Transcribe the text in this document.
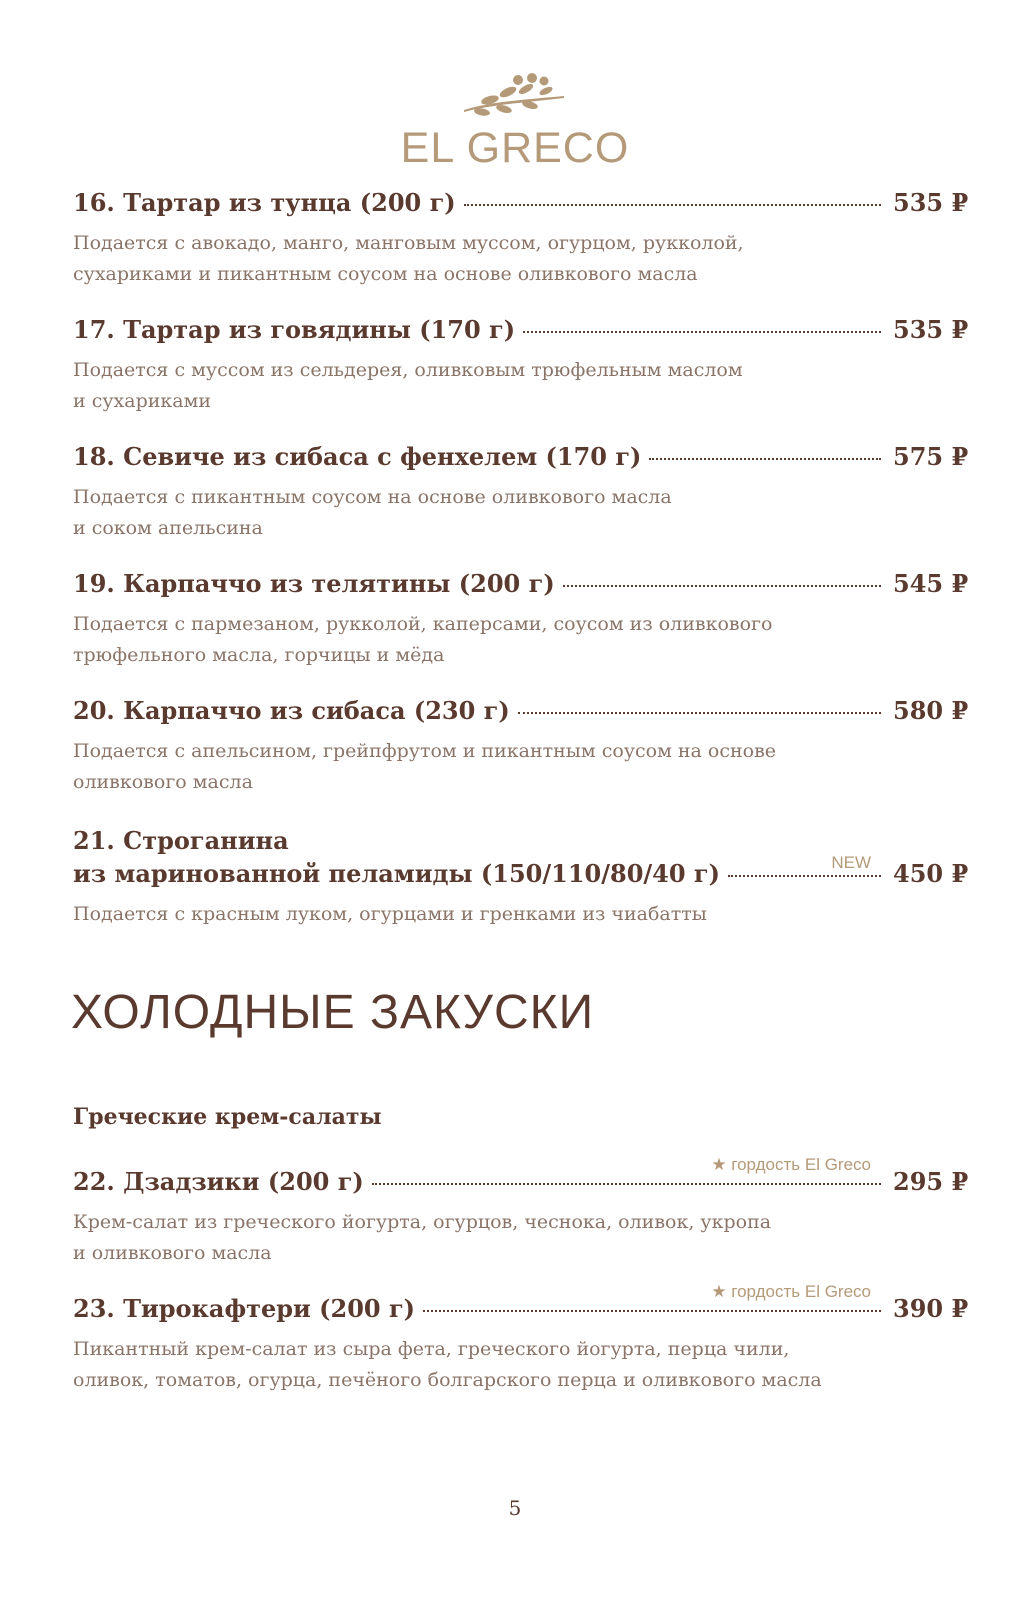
EL GRECO
16. Тартар из тунца (200 г)	535 ₽
Подается с авокадо, манго, манговым муссом, огурцом, рукколой,
сухариками и пикантным соусом на основе оливкового масла
17. Тартар из говядины (170 г)	535 ₽
Подается с муссом из сельдерея, оливковым трюфельным маслом
и сухариками
18. Севиче из сибаса с фенхелем (170 г)	575 ₽
Подается с пикантным соусом на основе оливкового масла
и соком апельсина
19. Карпаччо из телятины (200 г)	545 ₽
Подается с пармезаном, рукколой, каперсами, соусом из оливкового
трюфельного масла, горчицы и мёда
20. Карпаччо из сибаса (230 г)	580 ₽
Подается с апельсином, грейпфрутом и пикантным соусом на основе
оливкового масла
21. Строганина
из маринованной пеламиды (150/110/80/40 г)	450 ₽
NEW
Подается с красным луком, огурцами и гренками из чиабатты
ХОЛОДНЫЕ ЗАКУСКИ
Греческие крем-салаты
22. Дзадзики (200 г)	295 ₽
★ гордость El Greco
Крем-салат из греческого йогурта, огурцов, чеснока, оливок, укропа
и оливкового масла
23. Тирокафтери (200 г)	390 ₽
★ гордость El Greco
Пикантный крем-салат из сыра фета, греческого йогурта, перца чили,
оливок, томатов, огурца, печёного болгарского перца и оливкового масла
5
